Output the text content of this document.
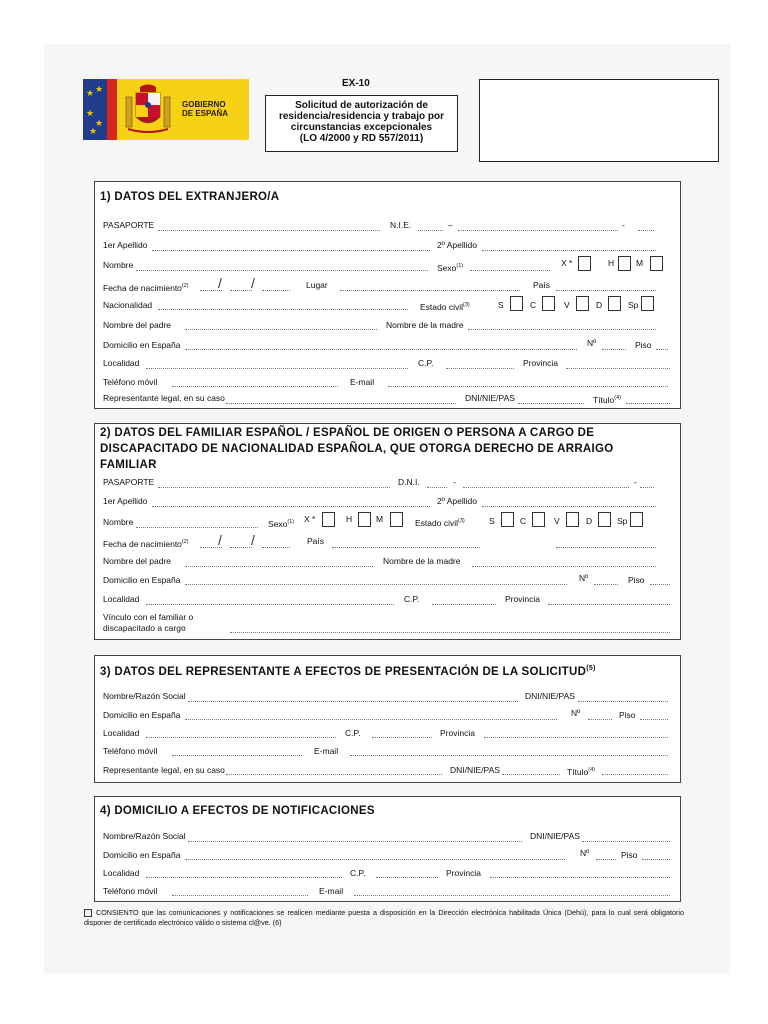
★ ★
★
★
★
GOBIERNO
DE ESPAÑA
EX-10
Solicitud de autorización de
residencia/residencia y trabajo por
circunstancias excepcionales
(LO 4/2000 y RD 557/2011)
1) DATOS DEL EXTRANJERO/A
PASAPORTE	N.I.E.	–	-
1er Apellido	2º Apellido
Nombre	Sexo$^{(1)}$	X *	H	M
Fecha de nacimiento$^{(2)}$ / /	Lugar	País
Nacionalidad	Estado civil$^{(3)}$	S	C	V	D	Sp
Nombre del padre	Nombre de la madre
Domicilio en España	Nº	Piso
Localidad	C.P.	Provincia
Teléfono móvil	E-mail
Representante legal, en su caso	DNI/NIE/PAS	Título$^{(4)}$
2) DATOS DEL FAMILIAR ESPAÑOL / ESPAÑOL DE ORIGEN O PERSONA A CARGO DE
DISCAPACITADO DE NACIONALIDAD ESPAÑOLA, QUE OTORGA DERECHO DE ARRAIGO
FAMILIAR
PASAPORTE	D.N.I.	-	-
1er Apellido	2º Apellido
Nombre	Sexo$^{(1)}$ X *	H	M	Estado civil$^{(3)}$	S	C	V	D	Sp
Fecha de nacimiento$^{(2)}$ / /	País
Nombre del padre	Nombre de la madre
Domicilio en España	Nº	Piso
Localidad	C.P.	Provincia
Vínculo con el familiar o
discapacitado a cargo
3) DATOS DEL REPRESENTANTE A EFECTOS DE PRESENTACIÓN DE LA SOLICITUD$^{(5)}$
Nombre/Razón Social	DNI/NIE/PAS
Domicilio en España	Nº	Piso
Localidad	C.P.	Provincia
Teléfono móvil	E-mail
Representante legal, en su caso	DNI/NIE/PAS	Título$^{(4)}$
4) DOMICILIO A EFECTOS DE NOTIFICACIONES
Nombre/Razón Social	DNI/NIE/PAS
Domicilio en España	Nº	Piso
Localidad	C.P.	Provincia
Teléfono móvil	E-mail
CONSIENTO que las comunicaciones y notificaciones se realicen mediante puesta a disposición en la Dirección electrónica habilitada Única (Dehú), para lo cual será obligatorio disponer de certificado electrónico válido o sistema cl@ve. (6)
